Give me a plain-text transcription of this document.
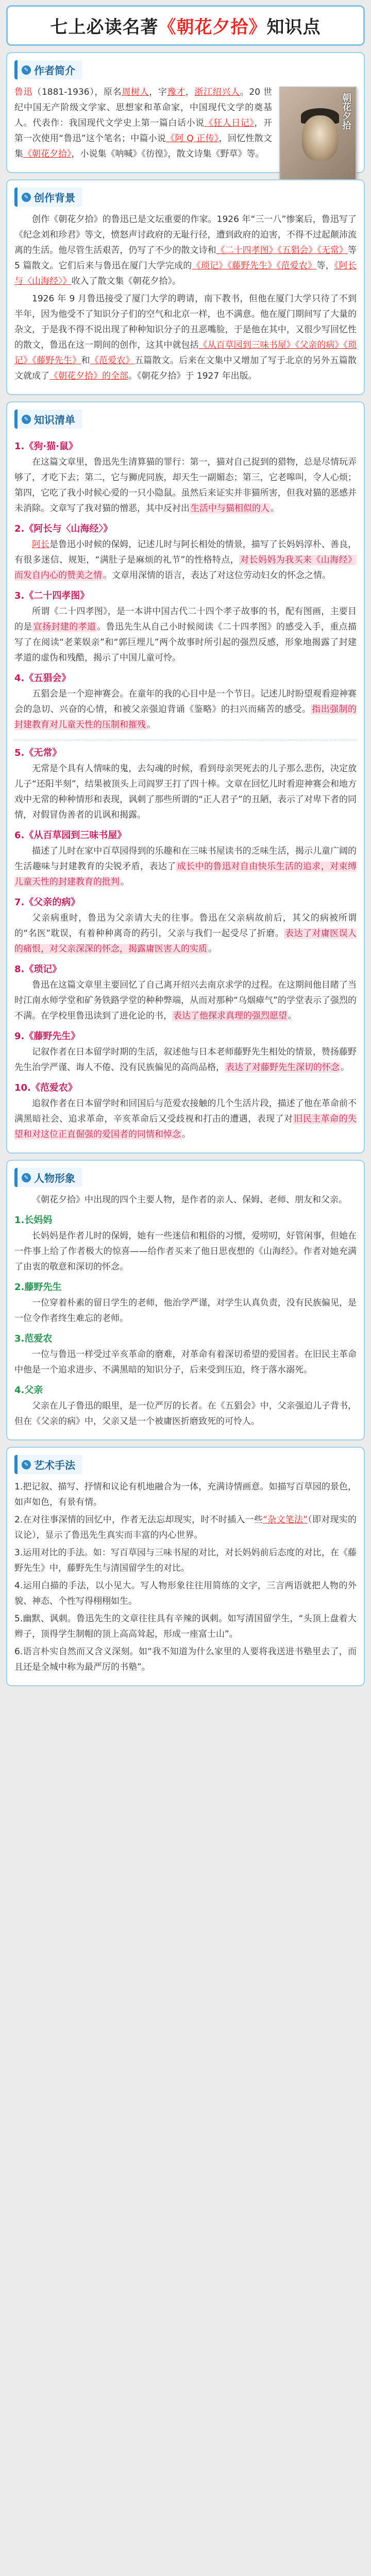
七上必读名著《朝花夕拾》知识点
✎ 作者简介
朝花夕拾

鲁迅（1881-1936），原名周树人，字豫才，浙江绍兴人。20 世纪中国无产阶级文学家、思想家和革命家，中国现代文学的奠基人。代表作：我国现代文学史上第一篇白话小说《狂人日记》，开第一次使用“鲁迅”这个笔名；中篇小说《阿 Q 正传》，回忆性散文集《朝花夕拾》，小说集《呐喊》《彷徨》，散文诗集《野草》等。

✎ 创作背景

创作《朝花夕拾》的鲁迅已是文坛重要的作家。1926 年“三一八”惨案后，鲁迅写了《纪念刘和珍君》等文，愤怒声讨政府的无耻行径，遭到政府的迫害，不得不过起颠沛流离的生活。他尽管生活艰苦，仍写了不少的散文诗和《二十四孝图》《五猖会》《无常》等 5 篇散文。它们后来与鲁迅在厦门大学完成的《琐记》《藤野先生》《范爱农》等，《阿长与〈山海经〉》收入了散文集《朝花夕拾》。

1926 年 9 月鲁迅接受了厦门大学的聘请，南下教书，但他在厦门大学只待了不到半年，因为他受不了知识分子们的空气和北京一样，也不满意。他在厦门期间写了大量的杂文，于是我不得不说出现了种种知识分子的丑恶嘴脸，于是他在其中，又很少写回忆性的散文，鲁迅在这一期间的创作，这其中就包括《从百草园到三味书屋》《父亲的病》《琐记》《藤野先生》和《范爱农》五篇散文。后来在文集中又增加了写于北京的另外五篇散文就成了《朝花夕拾》的全部。《朝花夕拾》于 1927 年出版。

✎ 知识清单
1.《狗·猫·鼠》

在这篇文章里，鲁迅先生清算猫的罪行：第一，猫对自己捉到的猎物，总是尽情玩弄够了，才吃下去；第二，它与狮虎同族，却天生一副媚态；第三，它老嗥叫，令人心烦；第四，它吃了我小时候心爱的一只小隐鼠。虽然后来证实并非猫所害，但我对猫的恶感并未消除。文章写了我对猫的憎恶，其中反衬出 生活中与猫相似的人 。

2.《阿长与〈山海经〉》

阿长是鲁迅小时候的保姆，记述儿时与阿长相处的情景，描写了长妈妈淳朴、善良，有很多迷信、规矩，“满肚子是麻烦的礼节”的性格特点， 对长妈妈为我买来《山海经》而发自内心的赞美之情 。文章用深情的语言，表达了对这位劳动妇女的怀念之情。

3.《二十四孝图》

所谓《二十四孝图》，是一本讲中国古代二十四个孝子故事的书，配有图画，主要目的是 宣扬封建的孝道 。鲁迅先生从自己小时候阅读《二十四孝图》的感受入手，重点描写了在阅读“老莱娱亲”和“郭巨埋儿”两个故事时所引起的强烈反感，形象地揭露了封建孝道的虚伪和残酷，揭示了中国儿童可怜。

4.《五猖会》

五猖会是一个迎神赛会。在童年的我的心目中是一个节日。记述儿时盼望观看迎神赛会的急切、兴奋的心情，和被父亲强迫背诵《鉴略》的扫兴而痛苦的感受。 指出强制的封建教育对儿童天性的压制和摧残 。

5.《无常》

无常是个具有人情味的鬼，去勾魂的时候，看到母亲哭死去的儿子那么悲伤，决定放儿子“还阳半刻”，结果被顶头上司阎罗王打了四十棒。文章在回忆儿时看迎神赛会和地方戏中无常的种种情形和表现，讽刺了那些所谓的“正人君子”的丑陋，表示了对卑下者的同情，对假冒伪善者的讥讽和揭露。

6.《从百草园到三味书屋》

描述了儿时在家中百草园得到的乐趣和在三味书屋读书的乏味生活，揭示儿童广阔的生活趣味与封建教育的尖锐矛盾，表达了 成长中的鲁迅对自由快乐生活的追求，对束缚儿童天性的封建教育的批判 。

7.《父亲的病》

父亲病重时，鲁迅为父亲请大夫的往事。鲁迅在父亲病故前后，其父的病被所谓的“名医”耽误，有着种种离奇的药引，父亲与我们一起受尽了折磨。 表达了对庸医误人的痛恨，对父亲深深的怀念，揭露庸医害人的实质 。

8.《琐记》

鲁迅在这篇文章里主要回忆了自己离开绍兴去南京求学的过程。在这期间他目睹了当时江南水师学堂和矿务铁路学堂的种种弊端，从而对那种“乌烟瘴气”的学堂表示了强烈的不满。在学校里鲁迅读到了进化论的书， 表达了他探求真理的强烈愿望 。

9.《藤野先生》

记叙作者在日本留学时期的生活，叙述他与日本老师藤野先生相处的情景，赞扬藤野先生治学严谨、诲人不倦、没有民族偏见的高尚品格， 表达了对藤野先生深切的怀念 。

10.《范爱农》

追叙作者在日本留学时和回国后与范爱农接触的几个生活片段，描述了他在革命前不满黑暗社会、追求革命，辛亥革命后又受歧视和打击的遭遇，表现了对 旧民主革命的失望和对这位正直倔强的爱国者的同情和悼念 。

✎ 人物形象

《朝花夕拾》中出现的四个主要人物，是作者的亲人、保姆、老师、朋友和父亲。

1.长妈妈

长妈妈是作者儿时的保姆，她有一些迷信和粗俗的习惯，爱唠叨，好管闲事，但她在一件事上给了作者极大的惊喜——给作者买来了他日思夜想的《山海经》。作者对她充满了由衷的敬意和深切的怀念。

2.藤野先生

一位穿着朴素的留日学生的老师，他治学严谨，对学生认真负责，没有民族偏见，是一位令作者终生难忘的老师。

3.范爱农

一位与鲁迅一样受过辛亥革命的磨难，对革命有着深切希望的爱国者。在旧民主革命中他是一个追求进步、不满黑暗的知识分子，后来受到压迫，终于落水溺死。

4.父亲

父亲在儿子鲁迅的眼里，是一位严厉的长者。在《五猖会》中，父亲强迫儿子背书，但在《父亲的病》中，父亲又是一个被庸医折磨致死的可怜人。

✎ 艺术手法

1.把记叙、描写、抒情和议论有机地融合为一体，充满诗情画意。如描写百草园的景色，如声如色，有景有情。

2.在对往事深情的回忆中，作者无法忘却现实，时不时插入一些“杂文笔法”（即对现实的议论），显示了鲁迅先生真实而丰富的内心世界。

3.运用对比的手法。如：写百草园与三味书屋的对比，对长妈妈前后态度的对比，在《藤野先生》中，藤野先生与清国留学生的对比。

4.运用白描的手法，以小见大。写人物形象往往用简练的文字，三言两语就把人物的外貌、神态、个性写得栩栩如生。

5.幽默、讽刺。鲁迅先生的文章往往具有辛辣的讽刺。如写清国留学生，“头顶上盘着大辫子，顶得学生制帽的顶上高高耸起，形成一座富士山”。

6.语言朴实自然而又含义深刻。如“我不知道为什么家里的人要将我送进书塾里去了，而且还是全城中称为最严厉的书塾”。
